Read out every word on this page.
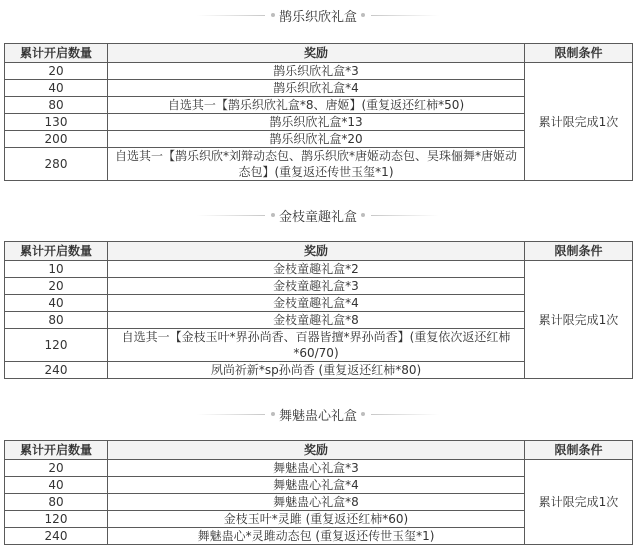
鹊乐织欣礼盒
累计开启数量	奖励	限制条件
20	鹊乐织欣礼盒*3	累计限完成1次
40	鹊乐织欣礼盒*4	
80	自选其一【鹊乐织欣礼盒*8、唐姬】(重复返还红柿*50)	
130	鹊乐织欣礼盒*13	
200	鹊乐织欣礼盒*20	
280	自选其一【鹊乐织欣*刘辩动态包、鹊乐织欣*唐姬动态包、昊珠俪舞*唐姬动态包】(重复返还传世玉玺*1)	
金枝童趣礼盒
累计开启数量	奖励	限制条件
10	金枝童趣礼盒*2	累计限完成1次
20	金枝童趣礼盒*3	
40	金枝童趣礼盒*4	
80	金枝童趣礼盒*8	
120	自选其一【金枝玉叶*界孙尚香、百器皆擅*界孙尚香】(重复依次返还红柿*60/70)	
240	夙尚祈新*sp孙尚香 (重复返还红柿*80)	
舞魅蛊心礼盒
累计开启数量	奖励	限制条件
20	舞魅蛊心礼盒*3	累计限完成1次
40	舞魅蛊心礼盒*4	
80	舞魅蛊心礼盒*8	
120	金枝玉叶*灵雎 (重复返还红柿*60)	
240	舞魅蛊心*灵雎动态包 (重复返还传世玉玺*1)	
